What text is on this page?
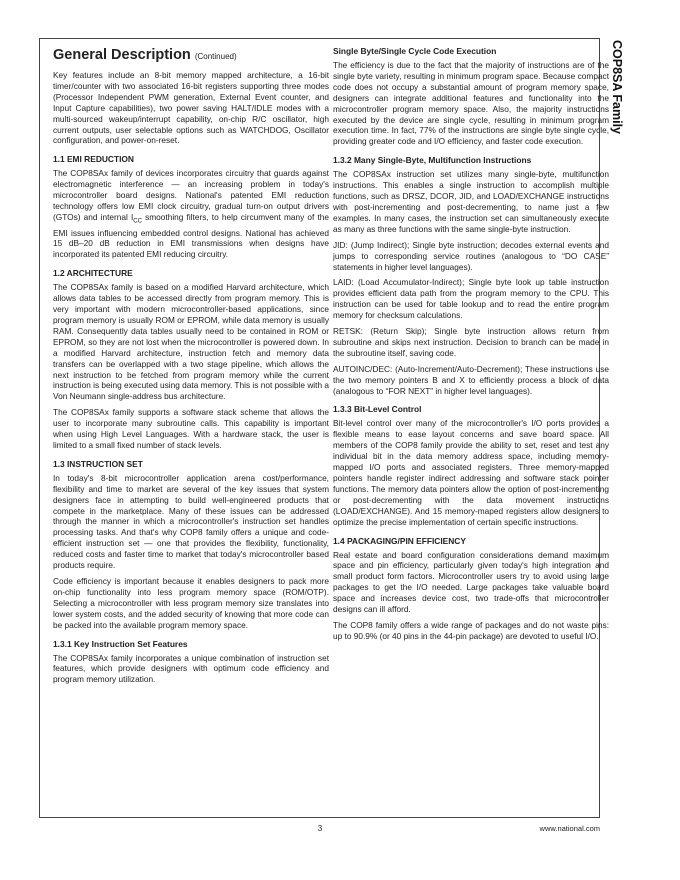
COP8SA Family
General Description (Continued)

Key features include an 8-bit memory mapped architecture, a 16-bit timer/counter with two associated 16-bit registers supporting three modes (Processor Independent PWM generation, External Event counter, and Input Capture capabilities), two power saving HALT/IDLE modes with a multi-sourced wakeup/interrupt capability, on-chip R/C oscillator, high current outputs, user selectable options such as WATCHDOG, Oscillator configuration, and power-on-reset.

1.1 EMI REDUCTION

The COP8SAx family of devices incorporates circuitry that guards against electromagnetic interference — an increasing problem in today's microcontroller board designs. National's patented EMI reduction technology offers low EMI clock circuitry, gradual turn-on output drivers (GTOs) and internal $I_{CC}$ smoothing filters, to help circumvent many of the EMI issues influencing embedded control designs. National has achieved 15 dB–20 dB reduction in EMI transmissions when designs have incorporated its patented EMI reducing circuitry.

1.2 ARCHITECTURE

The COP8SAx family is based on a modified Harvard architecture, which allows data tables to be accessed directly from program memory. This is very important with modern microcontroller-based applications, since program memory is usually ROM or EPROM, while data memory is usually RAM. Consequently data tables usually need to be contained in ROM or EPROM, so they are not lost when the microcontroller is powered down. In a modified Harvard architecture, instruction fetch and memory data transfers can be overlapped with a two stage pipeline, which allows the next instruction to be fetched from program memory while the current instruction is being executed using data memory. This is not possible with a Von Neumann single-address bus architecture.

The COP8SAx family supports a software stack scheme that allows the user to incorporate many subroutine calls. This capability is important when using High Level Languages. With a hardware stack, the user is limited to a small fixed number of stack levels.

1.3 INSTRUCTION SET

In today's 8-bit microcontroller application arena cost/performance, flexibility and time to market are several of the key issues that system designers face in attempting to build well-engineered products that compete in the marketplace. Many of these issues can be addressed through the manner in which a microcontroller's instruction set handles processing tasks. And that's why COP8 family offers a unique and code-efficient instruction set — one that provides the flexibility, functionality, reduced costs and faster time to market that today's microcontroller based products require.

Code efficiency is important because it enables designers to pack more on-chip functionality into less program memory space (ROM/OTP). Selecting a microcontroller with less program memory size translates into lower system costs, and the added security of knowing that more code can be packed into the available program memory space.

1.3.1 Key Instruction Set Features

The COP8SAx family incorporates a unique combination of instruction set features, which provide designers with optimum code efficiency and program memory utilization.

Single Byte/Single Cycle Code Execution

The efficiency is due to the fact that the majority of instructions are of the single byte variety, resulting in minimum program space. Because compact code does not occupy a substantial amount of program memory space, designers can integrate additional features and functionality into the microcontroller program memory space. Also, the majority instructions executed by the device are single cycle, resulting in minimum program execution time. In fact, 77% of the instructions are single byte single cycle, providing greater code and I/O efficiency, and faster code execution.

1.3.2 Many Single-Byte, Multifunction Instructions

The COP8SAx instruction set utilizes many single-byte, multifunction instructions. This enables a single instruction to accomplish multiple functions, such as DRSZ, DCOR, JID, and LOAD/EXCHANGE instructions with post-incrementing and post-decrementing, to name just a few examples. In many cases, the instruction set can simultaneously execute as many as three functions with the same single-byte instruction.

JID: (Jump Indirect); Single byte instruction; decodes external events and jumps to corresponding service routines (analogous to “DO CASE” statements in higher level languages).

LAID: (Load Accumulator-Indirect); Single byte look up table instruction provides efficient data path from the program memory to the CPU. This instruction can be used for table lookup and to read the entire program memory for checksum calculations.

RETSK: (Return Skip); Single byte instruction allows return from subroutine and skips next instruction. Decision to branch can be made in the subroutine itself, saving code.

AUTOINC/DEC: (Auto-Increment/Auto-Decrement); These instructions use the two memory pointers B and X to efficiently process a block of data (analogous to “FOR NEXT” in higher level languages).

1.3.3 Bit-Level Control

Bit-level control over many of the microcontroller's I/O ports provides a flexible means to ease layout concerns and save board space. All members of the COP8 family provide the ability to set, reset and test any individual bit in the data memory address space, including memory-mapped I/O ports and associated registers. Three memory-mapped pointers handle register indirect addressing and software stack pointer functions. The memory data pointers allow the option of post-incrementing or post-decrementing with the data movement instructions (LOAD/EXCHANGE). And 15 memory-maped registers allow designers to optimize the precise implementation of certain specific instructions.

1.4 PACKAGING/PIN EFFICIENCY

Real estate and board configuration considerations demand maximum space and pin efficiency, particularly given today's high integration and small product form factors. Microcontroller users try to avoid using large packages to get the I/O needed. Large packages take valuable board space and increases device cost, two trade-offs that microcontroller designs can ill afford.

The COP8 family offers a wide range of packages and do not waste pins: up to 90.9% (or 40 pins in the 44-pin package) are devoted to useful I/O.

3	www.national.com
